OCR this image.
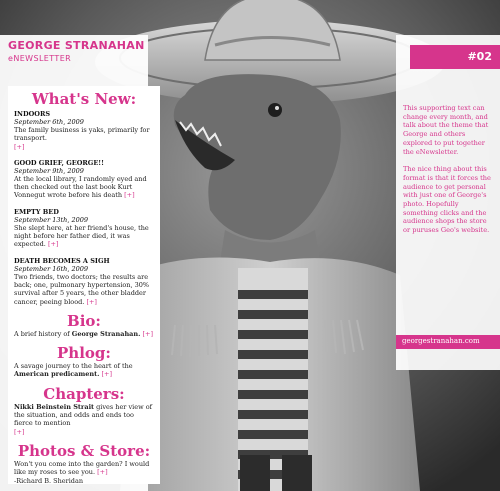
GEORGE STRANAHAN
eNEWSLETTER
What's New:

INDOORS

September 6th, 2009

The family business is yaks, primarily for transport.

[+]

GOOD GRIEF, GEORGE!!

September 9th, 2009

At the local library, I randomly eyed and then checked out the last book Kurt Vonnegut wrote before his death [+]

EMPTY BED

September 13th, 2009

She slept here, at her friend's house, the night before her father died, it was expected. [+]

DEATH BECOMES A SIGH

September 16th, 2009

Two friends, two doctors; the results are back; one, pulmonary hypertension, 30% survival after 5 years, the other bladder cancer, peeing blood. [+]

Bio:

A brief history of George Stranahan. [+]

Phlog:

A savage journey to the heart of the American predicament. [+]

Chapters:

Nikki Beinstein Strait gives her view of the situation, and odds and ends too fierce to mention

[+]

Photos & Store:

Won't you come into the garden? I would like my roses to see you. [+]

-Richard B. Sheridan

#02

This supporting text can change every month, and talk about the theme that George and others explored to put together the eNewsletter.

The nice thing about this format is that it forces the audience to get personal with just one of George's photo. Hopefully something clicks and the audience shops the store or puruses Geo's website.

georgestranahan.com
